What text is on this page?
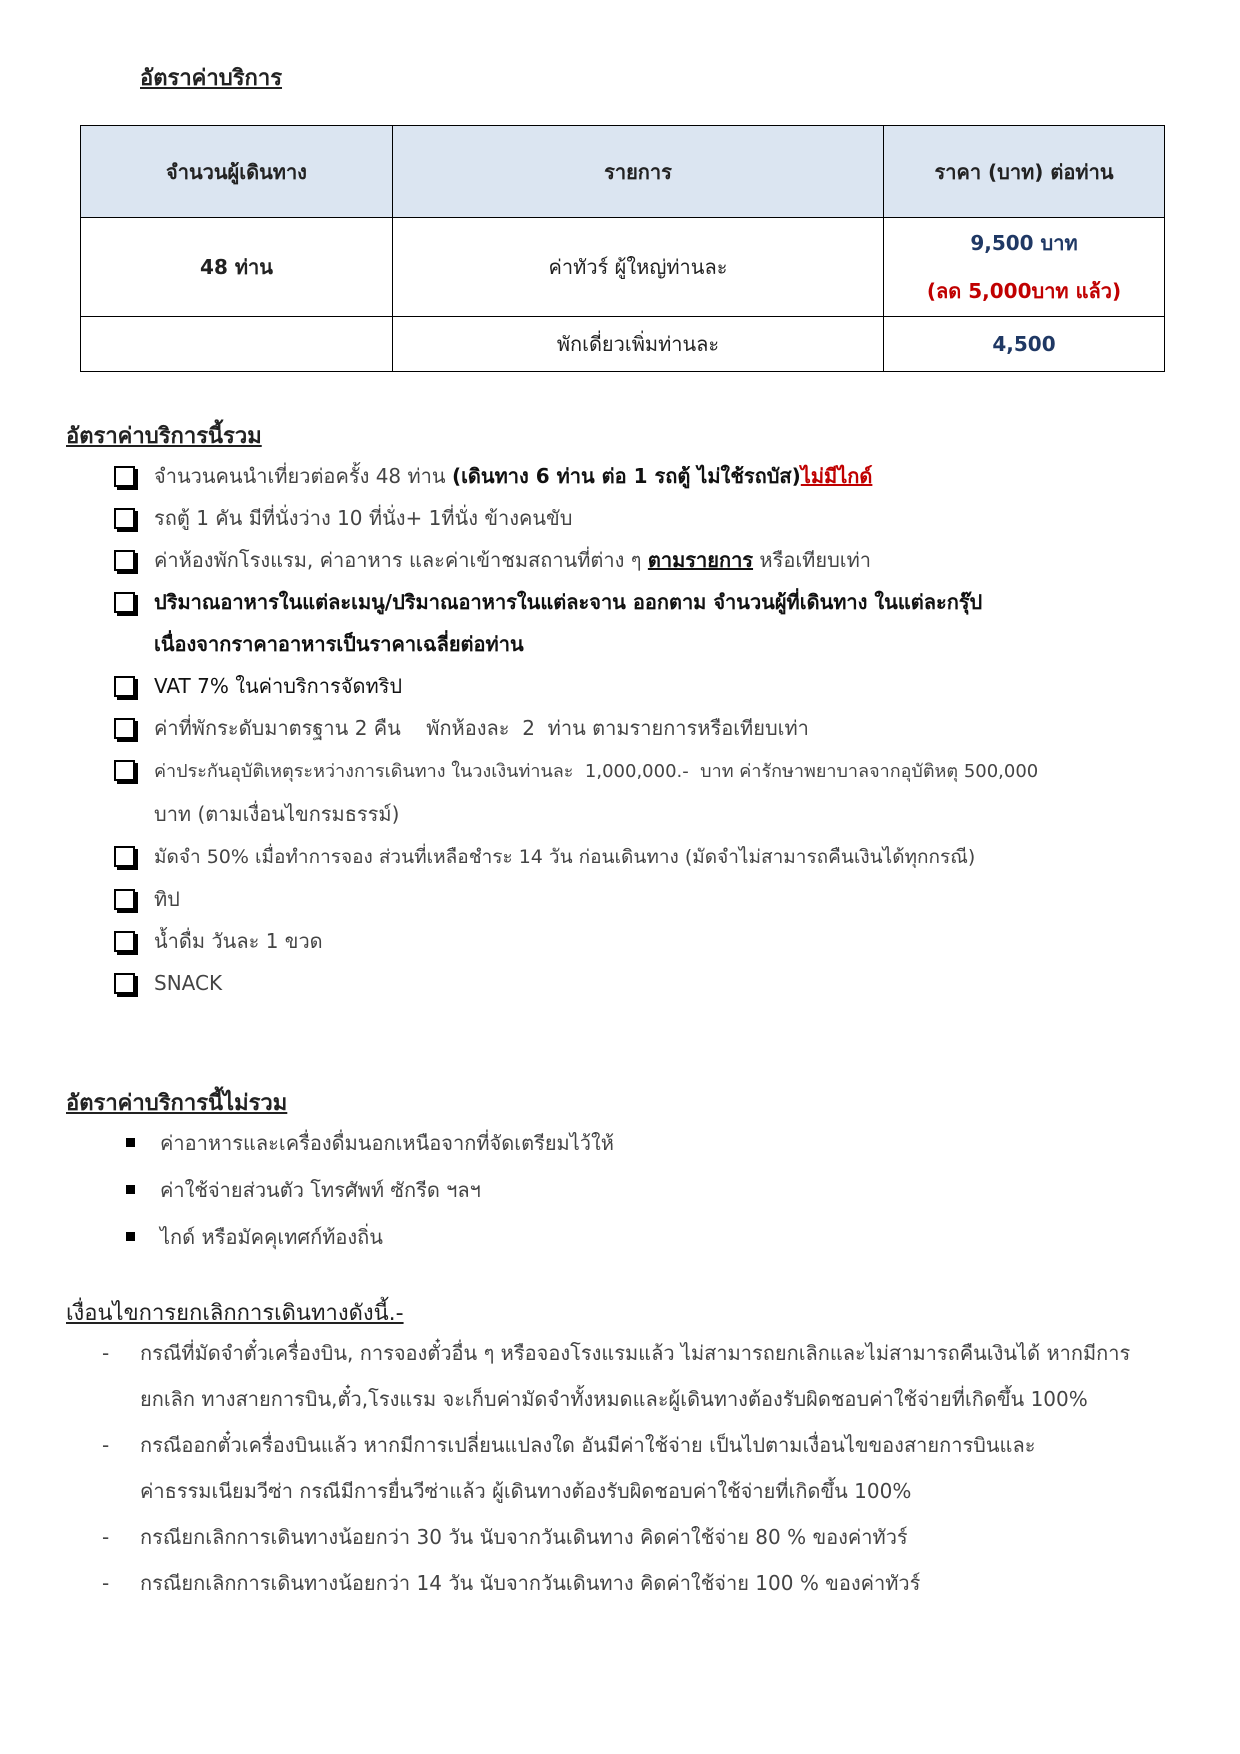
อัตราค่าบริการ
จำนวนผู้เดินทาง	รายการ	ราคา (บาท) ต่อท่าน
48 ท่าน	ค่าทัวร์ ผู้ใหญ่ท่านละ	9,500 บาท
(ลด 5,000บาท แล้ว)

	พักเดี่ยวเพิ่มท่านละ	4,500
อัตราค่าบริการนี้รวม
จำนวนคนนำเที่ยวต่อครั้ง 48 ท่าน (เดินทาง 6 ท่าน ต่อ 1 รถตู้ ไม่ใช้รถบัส)ไม่มีไกด์
รถตู้ 1 คัน มีที่นั่งว่าง 10 ที่นั่ง+ 1ที่นั่ง ข้างคนขับ
ค่าห้องพักโรงแรม, ค่าอาหาร และค่าเข้าชมสถานที่ต่าง ๆ ตามรายการ หรือเทียบเท่า
ปริมาณอาหารในแต่ละเมนู/ปริมาณอาหารในแต่ละจาน ออกตาม จำนวนผู้ที่เดินทาง ในแต่ละกรุ๊ป
เนื่องจากราคาอาหารเป็นราคาเฉลี่ยต่อท่าน
VAT 7% ในค่าบริการจัดทริป
ค่าที่พักระดับมาตรฐาน 2 คืน    พักห้องละ  2  ท่าน ตามรายการหรือเทียบเท่า
ค่าประกันอุบัติเหตุระหว่างการเดินทาง ในวงเงินท่านละ  1,000,000.-  บาท ค่ารักษาพยาบาลจากอุบัติหตุ 500,000
บาท (ตามเงื่อนไขกรมธรรม์)
มัดจำ 50% เมื่อทำการจอง ส่วนที่เหลือชำระ 14 วัน ก่อนเดินทาง (มัดจำไม่สามารถคืนเงินได้ทุกกรณี)
ทิป
น้ำดื่ม วันละ 1 ขวด
SNACK
อัตราค่าบริการนี้ไม่รวม
ค่าอาหารและเครื่องดื่มนอกเหนือจากที่จัดเตรียมไว้ให้
ค่าใช้จ่ายส่วนตัว โทรศัพท์ ซักรีด ฯลฯ
ไกด์ หรือมัคคุเทศก์ท้องถิ่น
เงื่อนไขการยกเลิกการเดินทางดังนี้.-
- กรณีที่มัดจำตั๋วเครื่องบิน, การจองตั๋วอื่น ๆ หรือจองโรงแรมแล้ว ไม่สามารถยกเลิกและไม่สามารถคืนเงินได้ หากมีการ
ยกเลิก ทางสายการบิน,ตั๋ว,โรงแรม จะเก็บค่ามัดจำทั้งหมดและผู้เดินทางต้องรับผิดชอบค่าใช้จ่ายที่เกิดขึ้น 100%
- กรณีออกตั๋วเครื่องบินแล้ว หากมีการเปลี่ยนแปลงใด อันมีค่าใช้จ่าย เป็นไปตามเงื่อนไขของสายการบินและ
ค่าธรรมเนียมวีซ่า กรณีมีการยื่นวีซ่าแล้ว ผู้เดินทางต้องรับผิดชอบค่าใช้จ่ายที่เกิดขึ้น 100%
- กรณียกเลิกการเดินทางน้อยกว่า 30 วัน นับจากวันเดินทาง คิดค่าใช้จ่าย 80 % ของค่าทัวร์
- กรณียกเลิกการเดินทางน้อยกว่า 14 วัน นับจากวันเดินทาง คิดค่าใช้จ่าย 100 % ของค่าทัวร์
